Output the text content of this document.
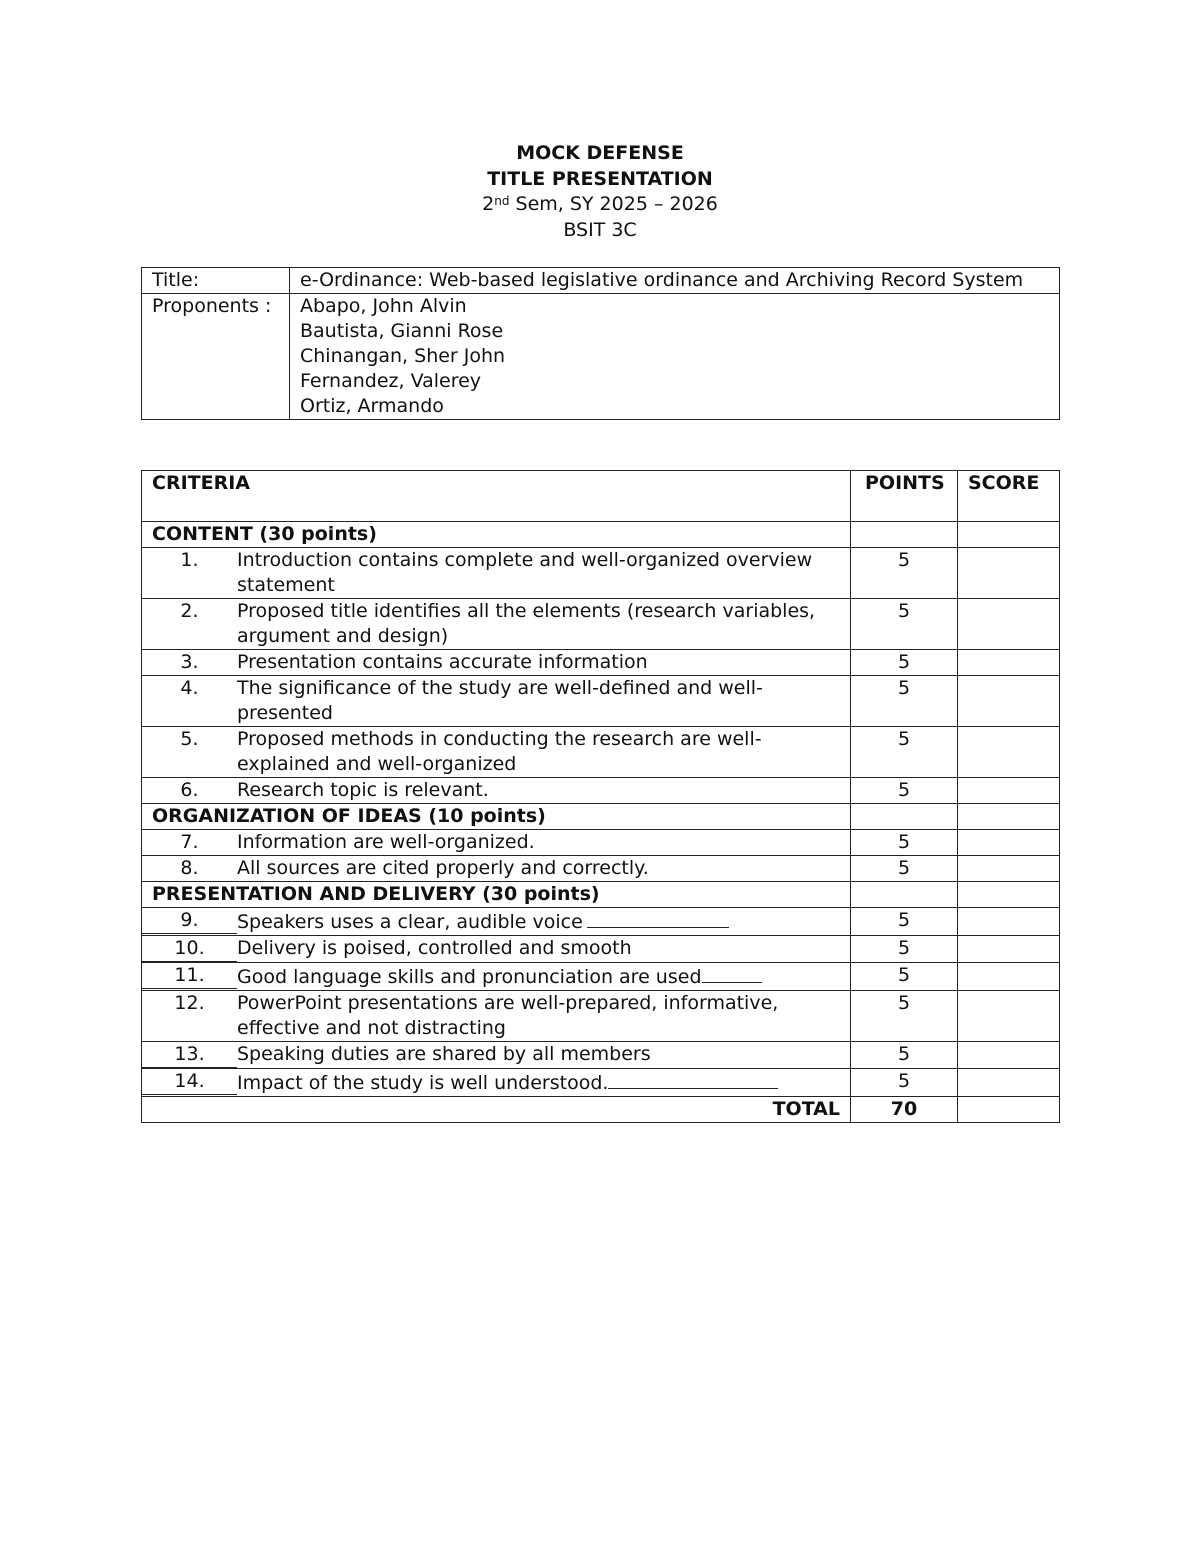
MOCK DEFENSE
TITLE PRESENTATION
2nd Sem, SY 2025 – 2026
BSIT 3C
Title:	e-Ordinance: Web-based legislative ordinance and Archiving Record System
Proponents :	Abapo, John Alvin
Bautista, Gianni Rose
Chinangan, Sher John
Fernandez, Valerey
Ortiz, Armando
CRITERIA	POINTS	SCORE
CONTENT (30 points)		
1. Introduction contains complete and well-organized overview statement	5	
2. Proposed title identifies all the elements (research variables, argument and design)	5	
3. Presentation contains accurate information	5	
4. The significance of the study are well-defined and well-presented	5	
5. Proposed methods in conducting the research are well-explained and well-organized	5	
6. Research topic is relevant.	5	
ORGANIZATION OF IDEAS (10 points)		
7. Information are well-organized.	5	
8. All sources are cited properly and correctly.	5	
PRESENTATION AND DELIVERY (30 points)		
9. Speakers uses a clear, audible voice	5	
10. Delivery is poised, controlled and smooth	5	
11. Good language skills and pronunciation are used	5	
12. PowerPoint presentations are well-prepared, informative, effective and not distracting	5	
13. Speaking duties are shared by all members	5	
14. Impact of the study is well understood.	5	
TOTAL	70	
